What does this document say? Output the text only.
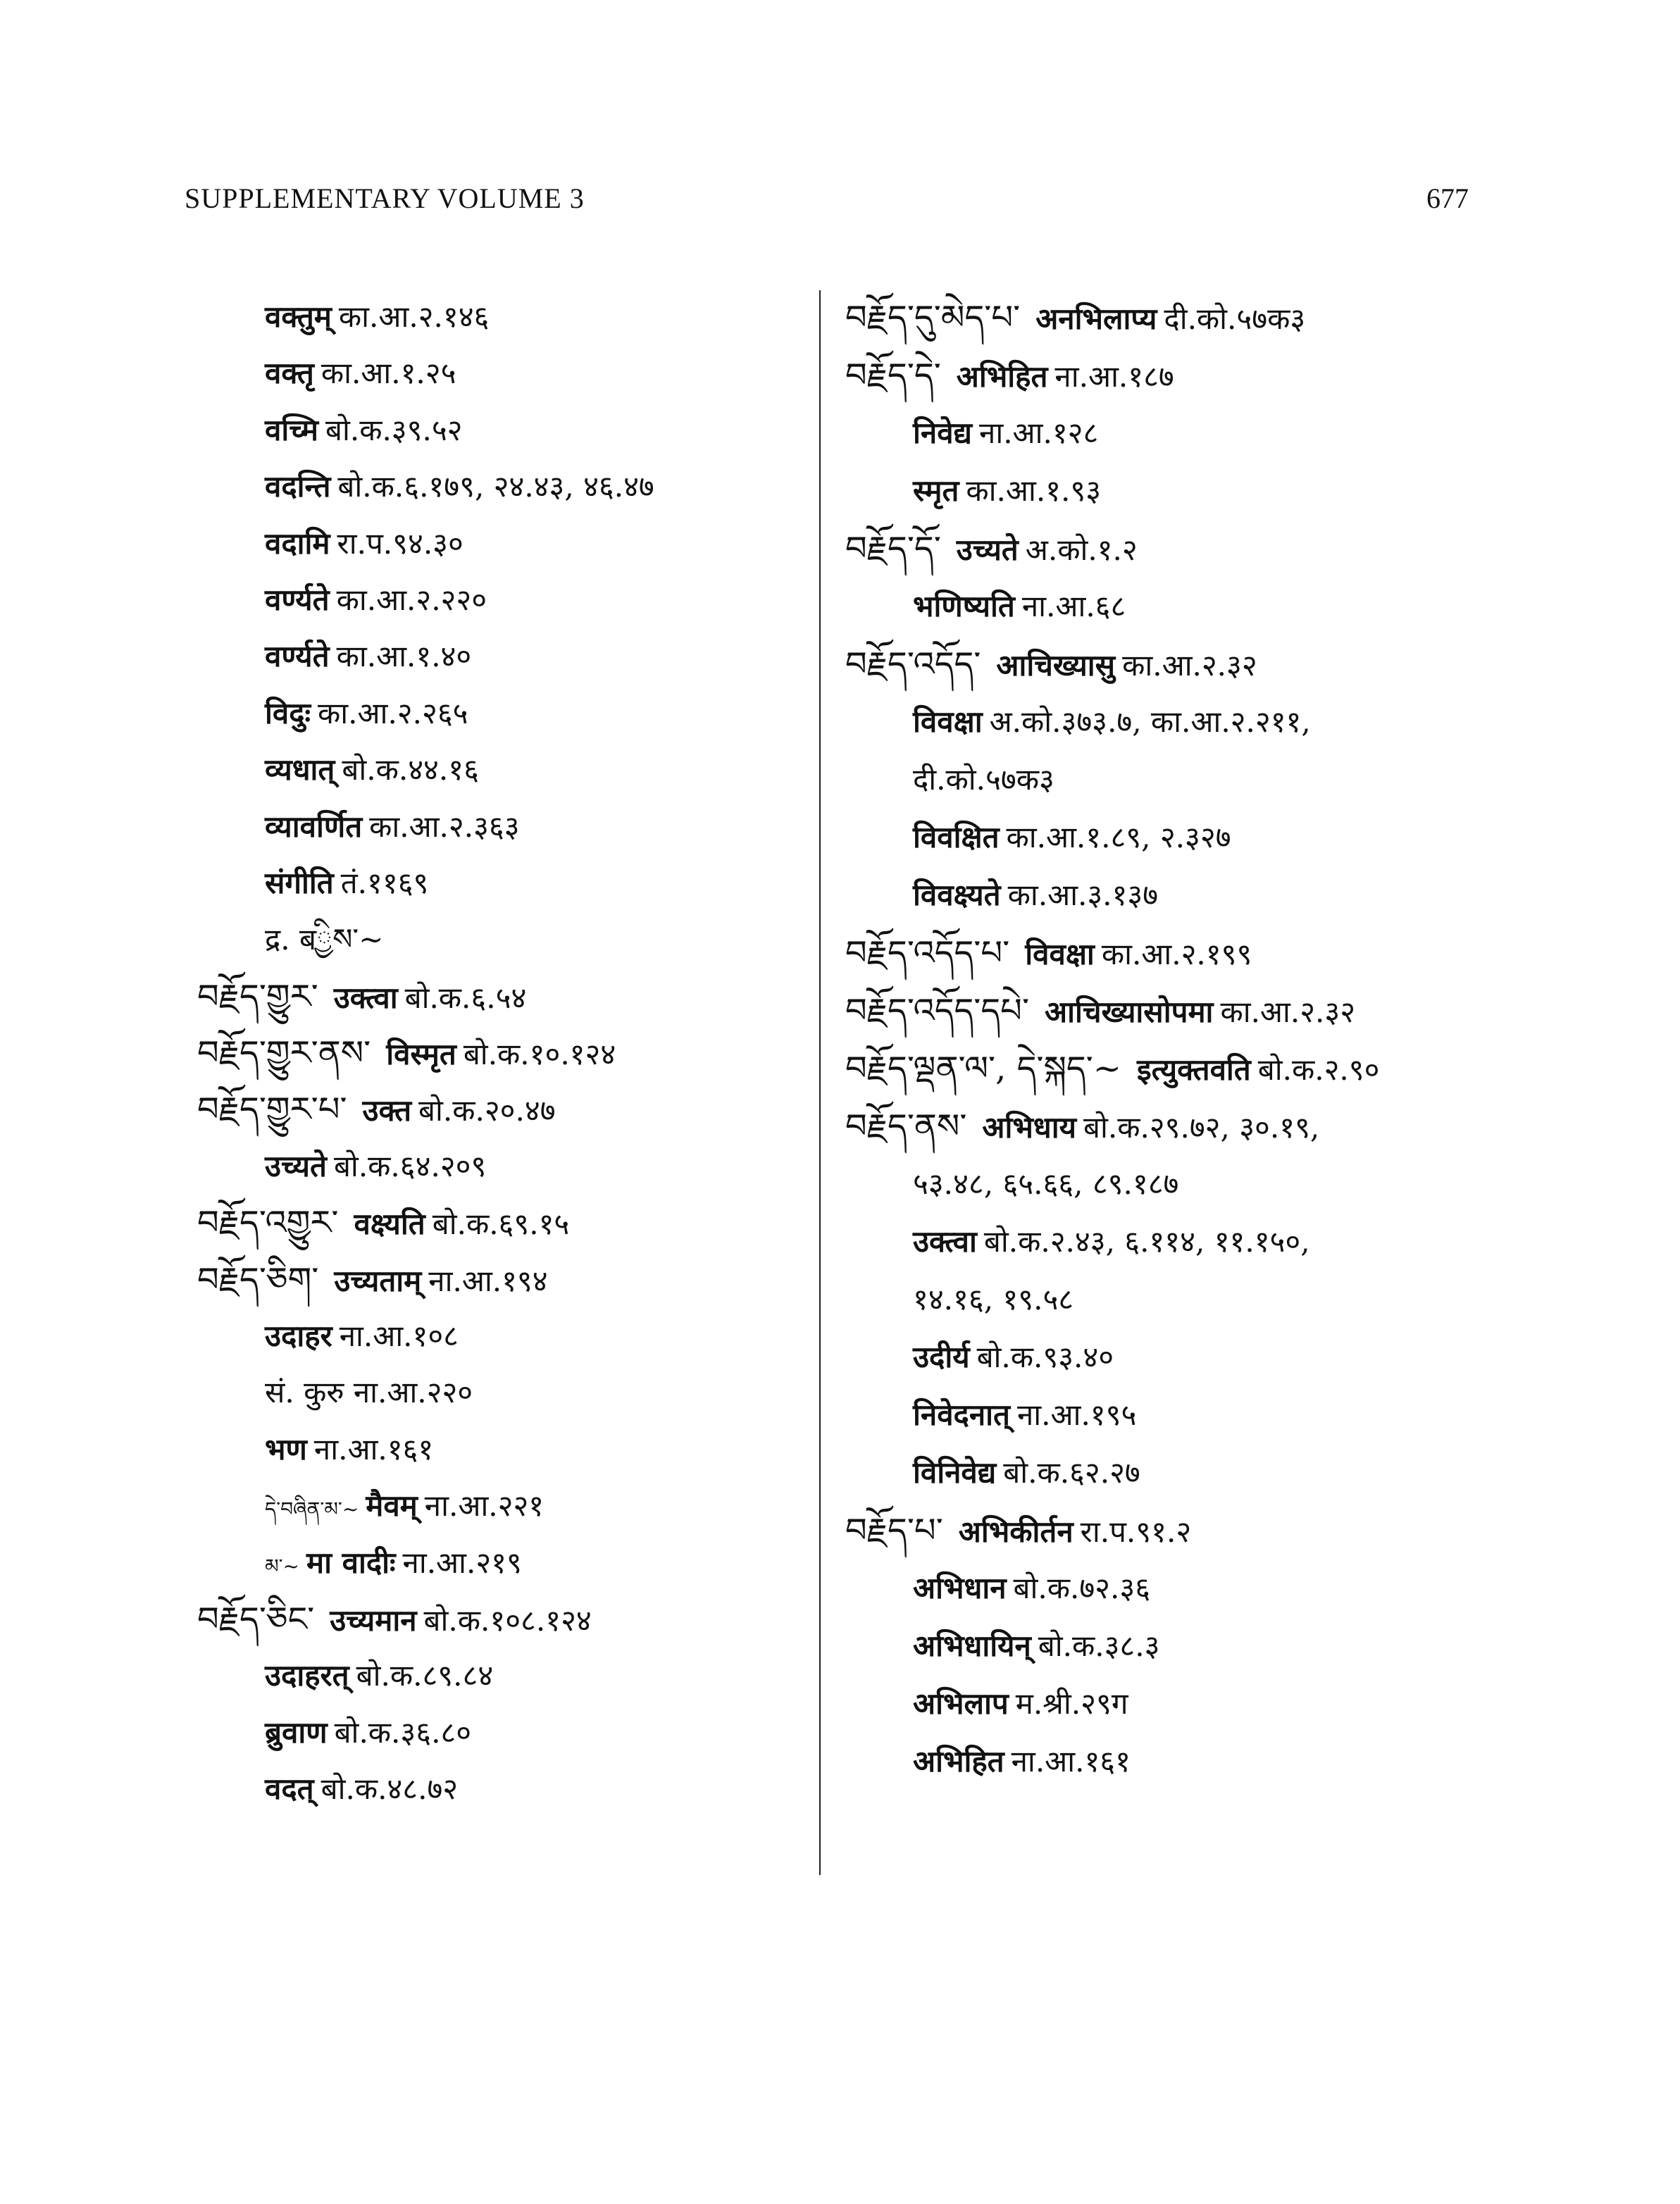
SUPPLEMENTARY VOLUME 3	677
वक्तुम् का.आ.२.१४६
वक्तृ का.आ.१.२५
वच्मि बो.क.३९.५२
वदन्ति बो.क.६.१७९, २४.४३, ४६.४७
वदामि रा.प.९४.३०
वर्ण्यते का.आ.२.२२०
वर्ण्यते का.आ.१.४०
विदुः का.आ.२.२६५
व्यधात् बो.क.४४.१६
व्यावर्णित का.आ.२.३६३
संगीति तं.११६९
द्र. बྱིས་~
བརྗོད་གྱུར་ उक्त्वा बो.क.६.५४
བརྗོད་གྱུར་ནས་ विस्मृत बो.क.१०.१२४
བརྗོད་གྱུར་པ་ उक्त बो.क.२०.४७
उच्यते बो.क.६४.२०९
བརྗོད་འགྱུར་ वक्ष्यति बो.क.६९.१५
བརྗོད་ཅིག་ उच्यताम् ना.आ.१९४
उदाहर ना.आ.१०८
सं. कुरु ना.आ.२२०
भण ना.आ.१६१
དེ་བཞིན་མ་~ मैवम् ना.आ.२२१
མ་~ मा वादीः ना.आ.२१९
བརྗོད་ཅིང་ उच्यमान बो.क.१०८.१२४
उदाहरत् बो.क.८९.८४
ब्रुवाण बो.क.३६.८०
वदत् बो.क.४८.७२
བརྗོད་དུ་མེད་པ་ अनभिलाप्य दी.को.५७क३
བརྗོད་དེ་ अभिहित ना.आ.१८७
निवेद्य ना.आ.१२८
स्मृत का.आ.१.९३
བརྗོད་དོ་ उच्यते अ.को.१.२
भणिष्यति ना.आ.६८
བརྗོད་འདོད་ आचिख्यासु का.आ.२.३२
विवक्षा अ.को.३७३.७, का.आ.२.२११,
दी.को.५७क३
विवक्षित का.आ.१.८९, २.३२७
विवक्ष्यते का.आ.३.१३७
བརྗོད་འདོད་པ་ विवक्षा का.आ.२.१९९
བརྗོད་འདོད་དཔེ་ आचिख्यासोपमा का.आ.२.३२
བརྗོད་ལྡན་ལ་, དེ་སྐད་~ इत्युक्तवति बो.क.२.९०
བརྗོད་ནས་ अभिधाय बो.क.२९.७२, ३०.१९,
५३.४८, ६५.६६, ८९.१८७
उक्त्वा बो.क.२.४३, ६.११४, ११.१५०,
१४.१६, १९.५८
उदीर्य बो.क.९३.४०
निवेदनात् ना.आ.१९५
विनिवेद्य बो.क.६२.२७
བརྗོད་པ་ अभिकीर्तन रा.प.९१.२
अभिधान बो.क.७२.३६
अभिधायिन् बो.क.३८.३
अभिलाप म.श्री.२९ग
अभिहित ना.आ.१६१
